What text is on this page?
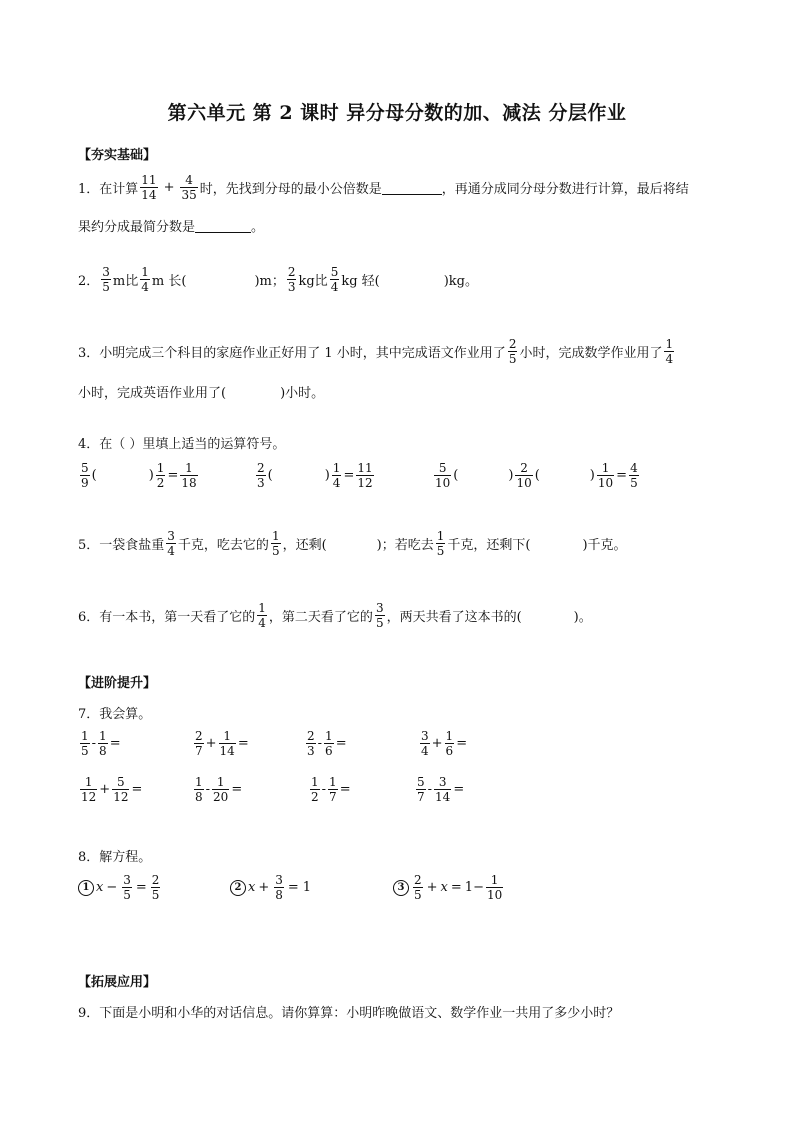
第六单元 第 2 课时 异分母分数的加、减法 分层作业
【夯实基础】
1．在计算 $\frac{11}{14} + \frac{4}{35}$ 时，先找到分母的最小公倍数是	，再通分成同分母分数进行计算，最后将结
果约分成最简分数是	。
2． $\frac{3}{5}$ m比 $\frac{1}{4}$ m 长(	)m； $\frac{2}{3}$ kg比 $\frac{5}{4}$ kg 轻(	)kg。
3．小明完成三个科目的家庭作业正好用了 1 小时，其中完成语文作业用了 $\frac{2}{5}$ 小时，完成数学作业用了 $\frac{1}{4}$
小时，完成英语作业用了(	)小时。
4．在（ ）里填上适当的运算符号。
$\frac{5}{9}$ (	) $\frac{1}{2} = \frac{1}{18}$	$\frac{2}{3}$ (	) $\frac{1}{4} = \frac{11}{12}$	$\frac{5}{10}$ (	) $\frac{2}{10}$ (	) $\frac{1}{10} = \frac{4}{5}$
5．一袋食盐重 $\frac{3}{4}$ 千克，吃去它的 $\frac{1}{5}$ ，还剩(	)；若吃去 $\frac{1}{5}$ 千克，还剩下(	)千克。
6．有一本书，第一天看了它的 $\frac{1}{4}$ ，第二天看了它的 $\frac{3}{5}$ ，两天共看了这本书的(	)。
【进阶提升】
7．我会算。
$\frac{1}{5} - \frac{1}{8}$ =	$\frac{2}{7} + \frac{1}{14}$ =	$\frac{2}{3} - \frac{1}{6}$ =	$\frac{3}{4} + \frac{1}{6}$ =
$\frac{1}{12} + \frac{5}{12}$ =	$\frac{1}{8} - \frac{1}{20}$ =	$\frac{1}{2} - \frac{1}{7}$ =	$\frac{5}{7} - \frac{3}{14}$ =
8．解方程。
1 $x - \frac{3}{5} = \frac{2}{5}$	2 $x + \frac{3}{8} = 1$	$3 \frac{2}{5} + x = 1 - \frac{1}{10}$
【拓展应用】
9．下面是小明和小华的对话信息。请你算算：小明昨晚做语文、数学作业一共用了多少小时？
